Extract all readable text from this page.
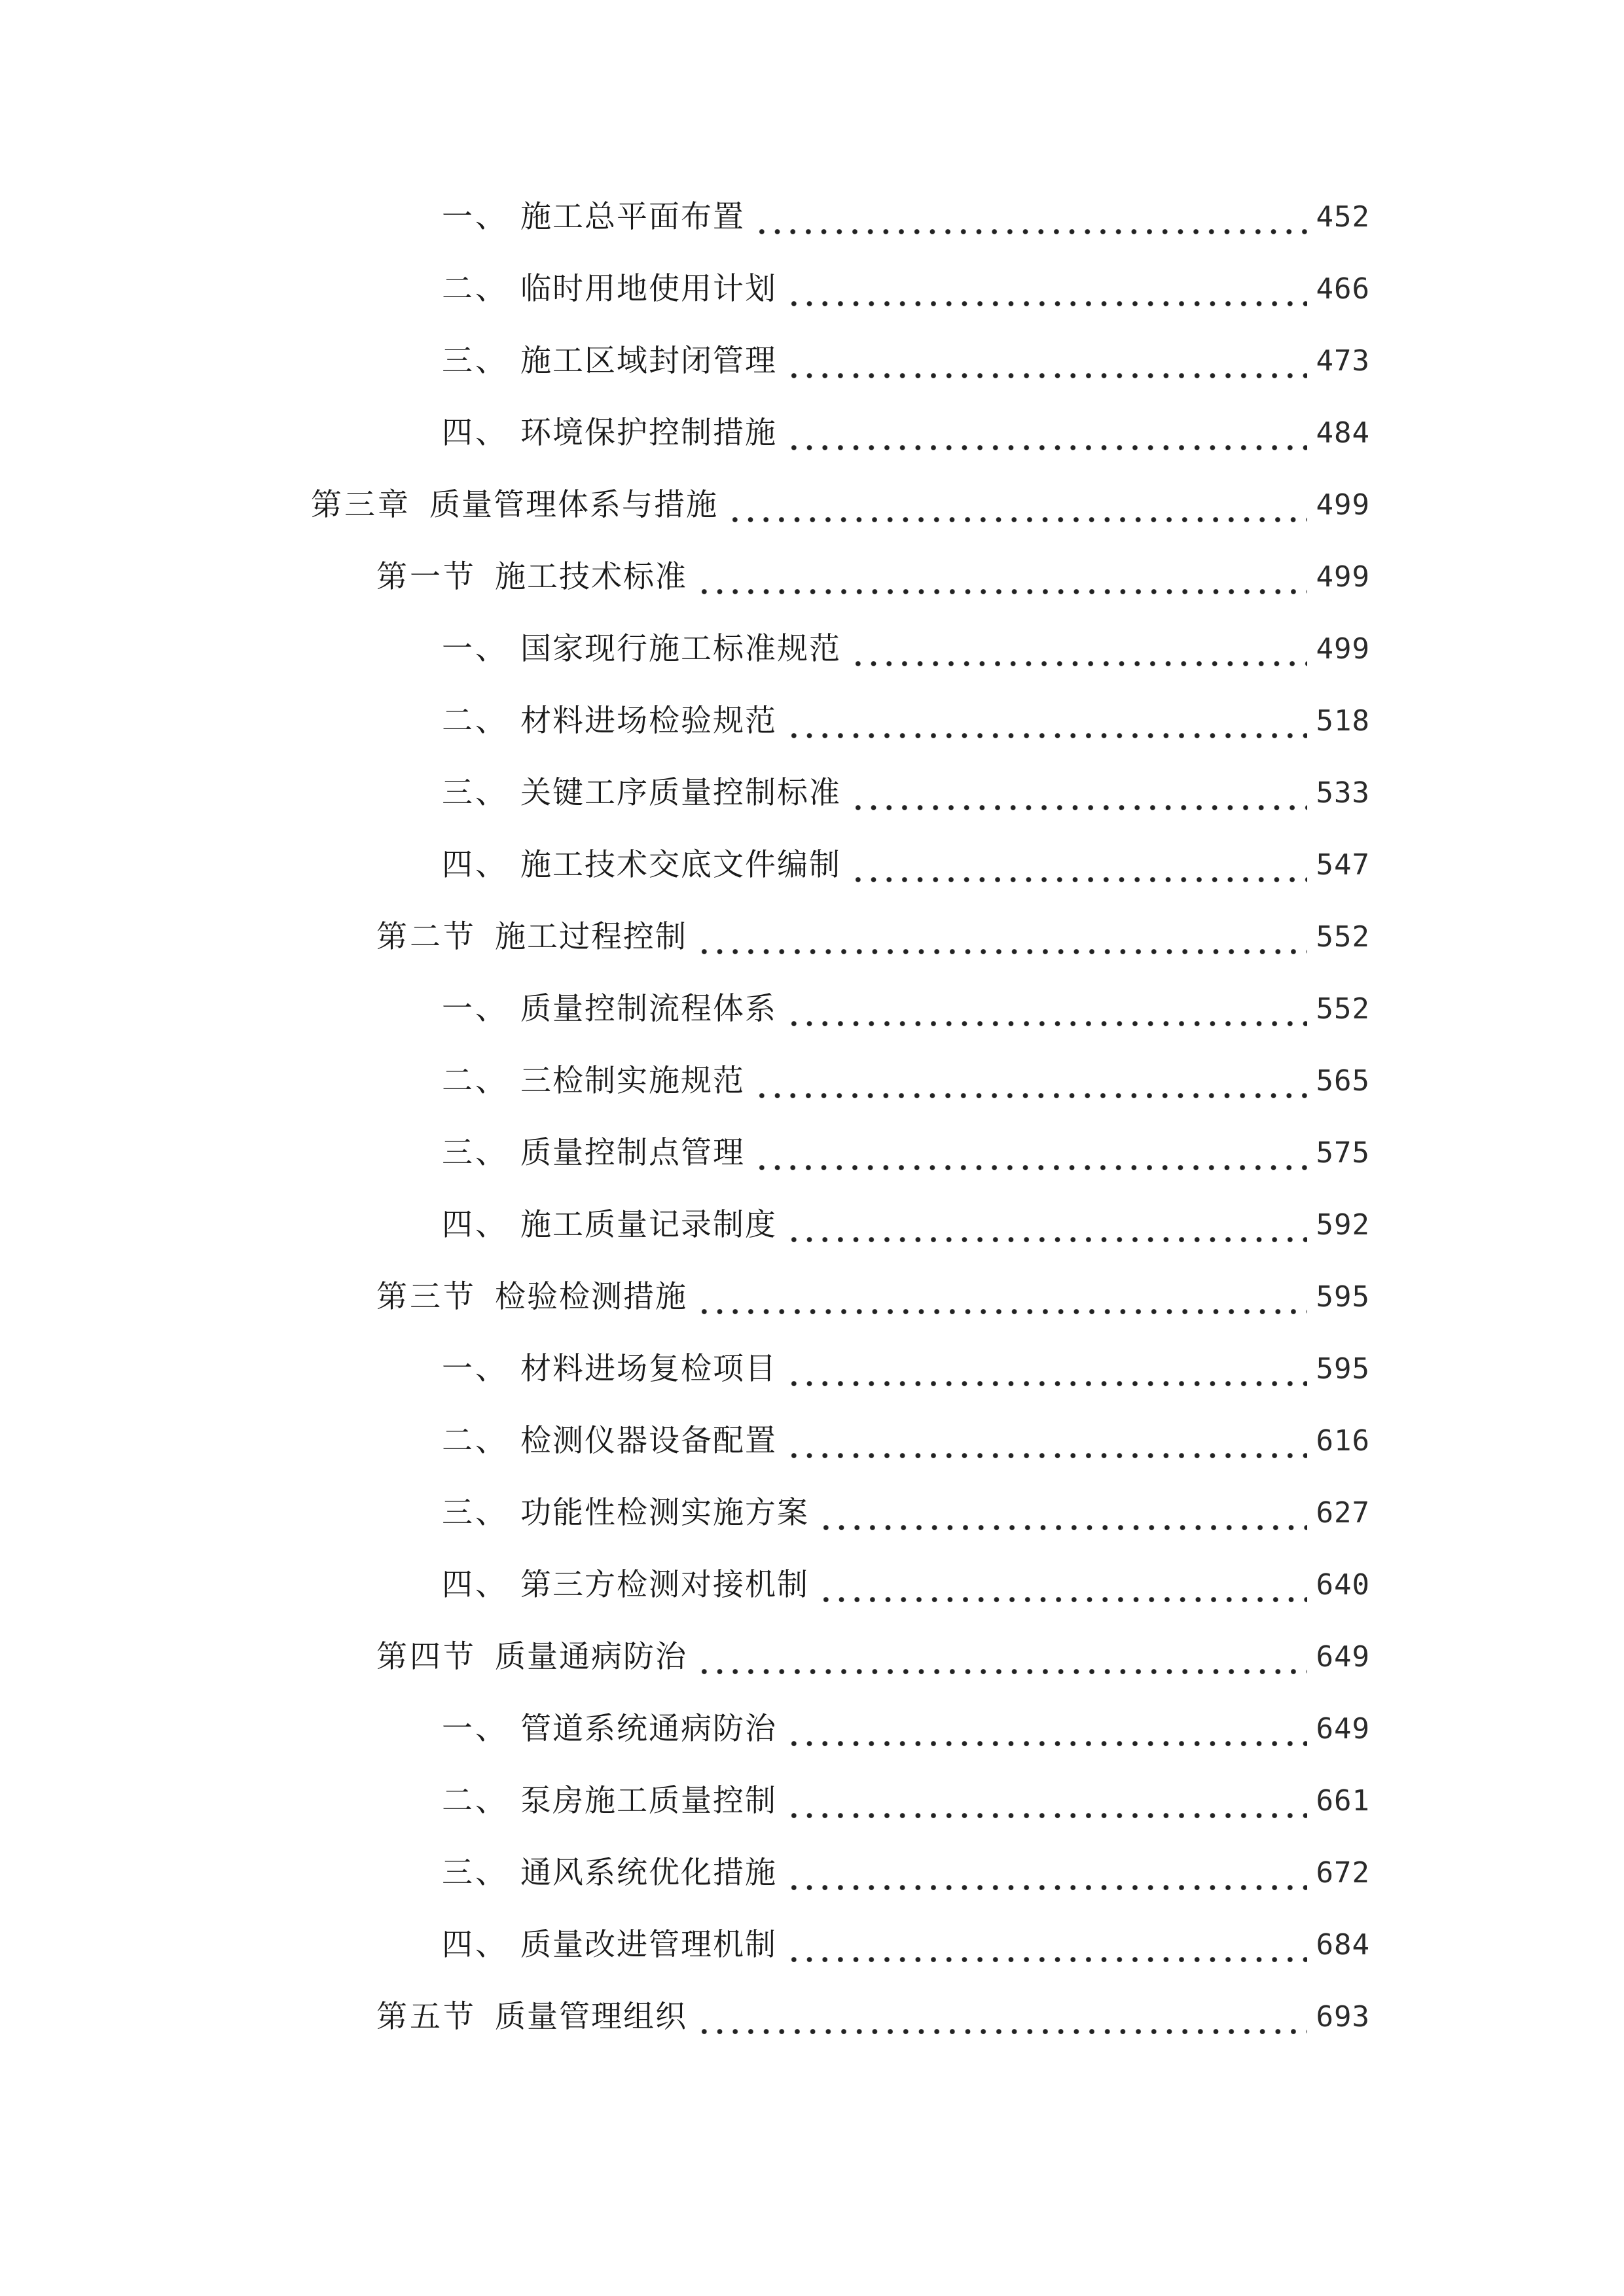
一、 施工总平面布置	452
二、 临时用地使用计划	466
三、 施工区域封闭管理	473
四、 环境保护控制措施	484
第三章 质量管理体系与措施	499
第一节 施工技术标准	499
一、 国家现行施工标准规范	499
二、 材料进场检验规范	518
三、 关键工序质量控制标准	533
四、 施工技术交底文件编制	547
第二节 施工过程控制	552
一、 质量控制流程体系	552
二、 三检制实施规范	565
三、 质量控制点管理	575
四、 施工质量记录制度	592
第三节 检验检测措施	595
一、 材料进场复检项目	595
二、 检测仪器设备配置	616
三、 功能性检测实施方案	627
四、 第三方检测对接机制	640
第四节 质量通病防治	649
一、 管道系统通病防治	649
二、 泵房施工质量控制	661
三、 通风系统优化措施	672
四、 质量改进管理机制	684
第五节 质量管理组织	693
